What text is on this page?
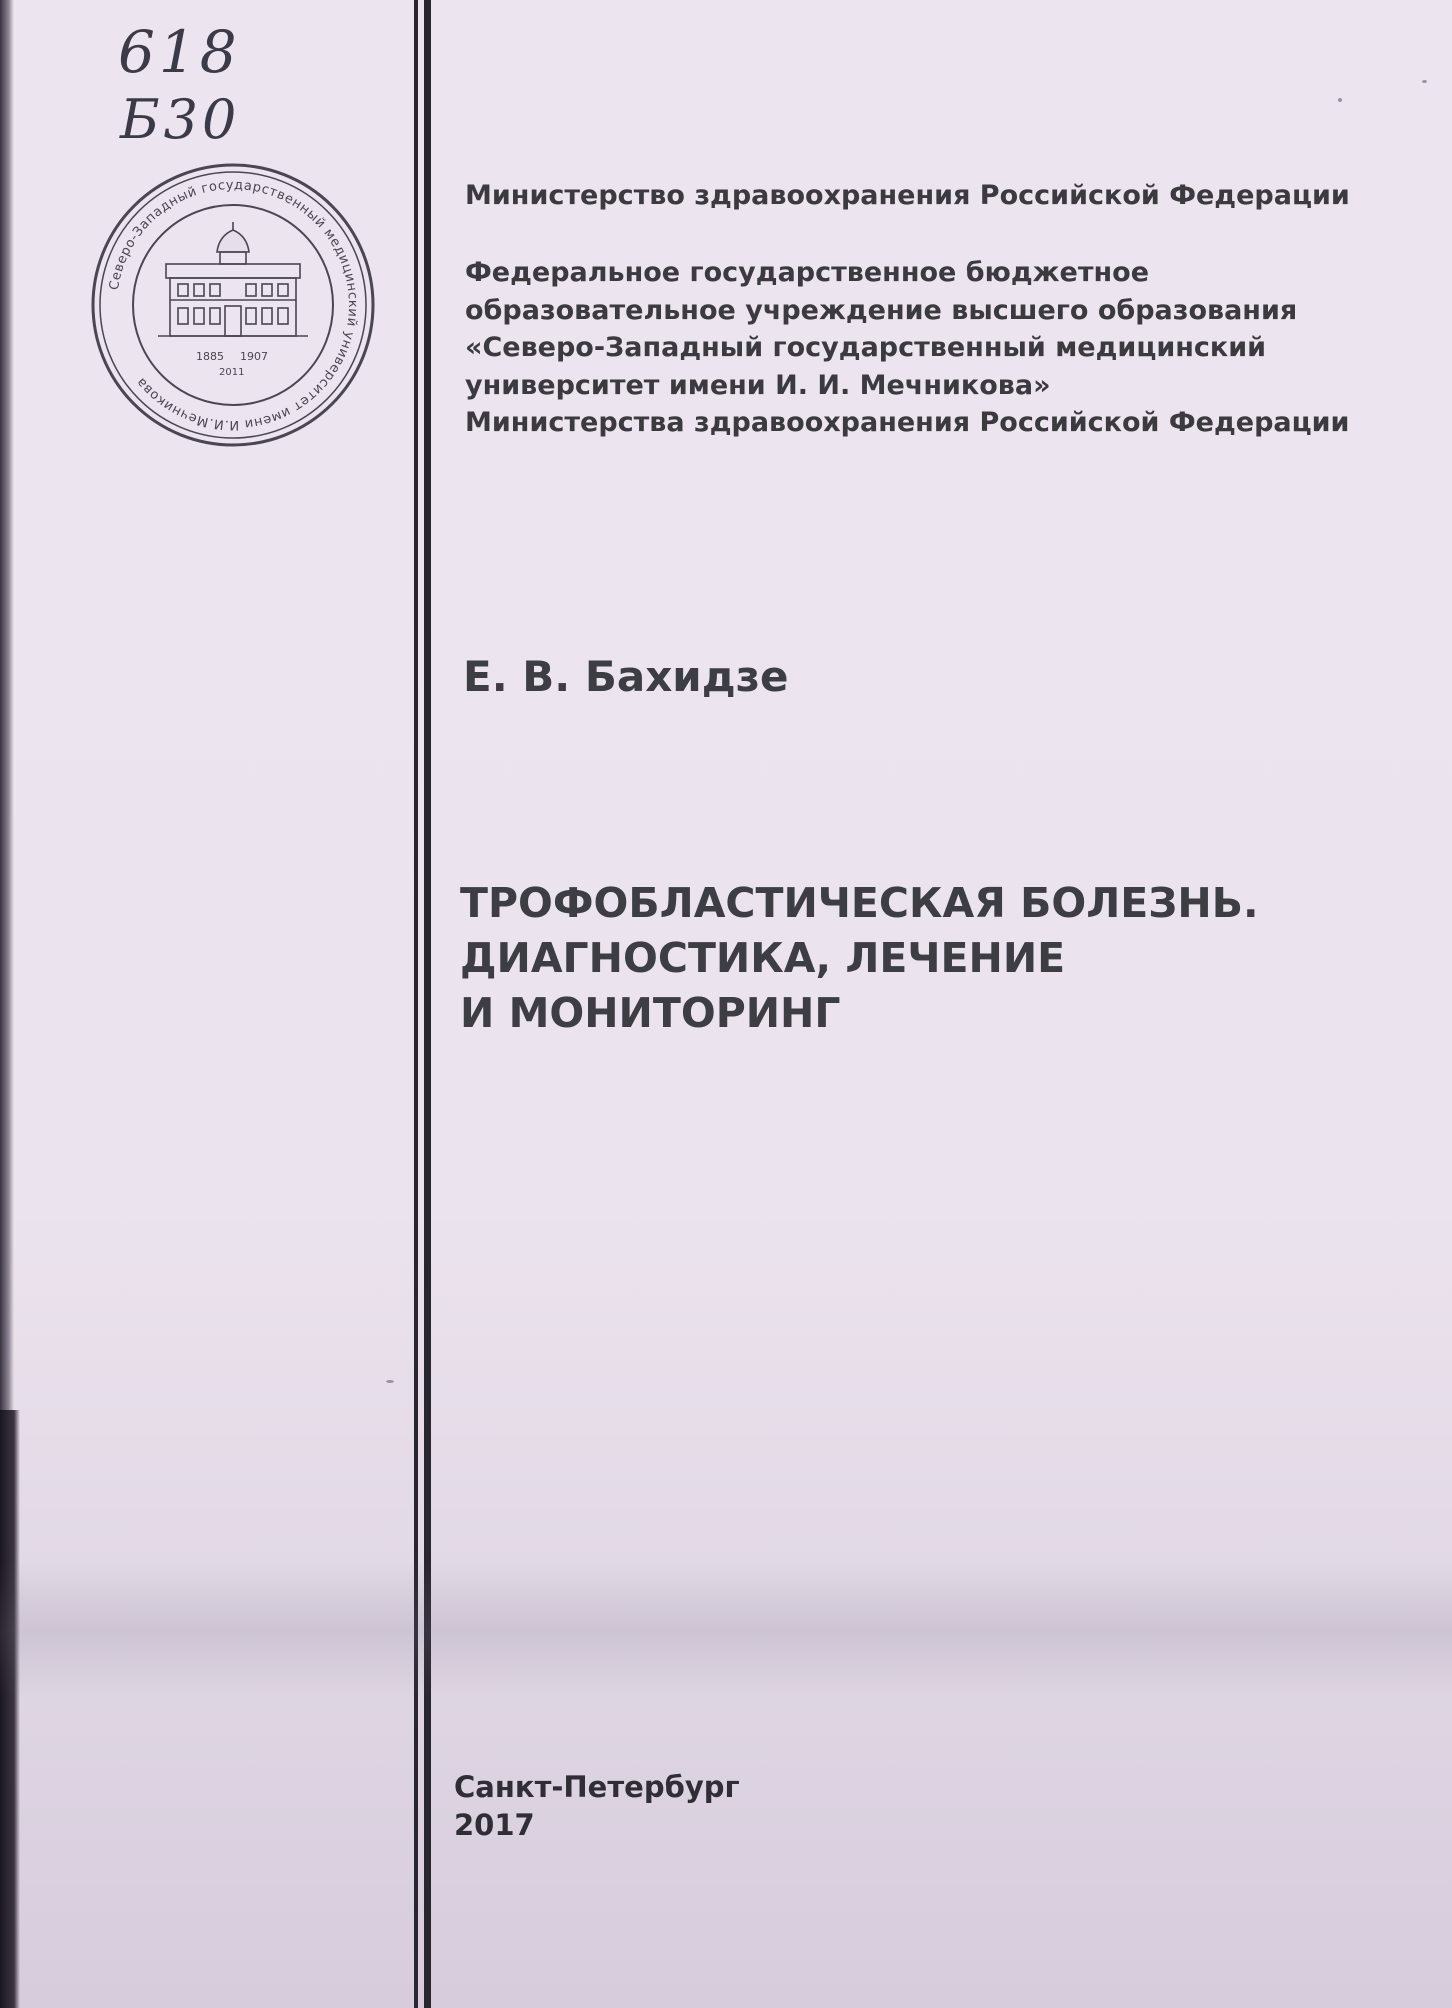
618
Б30
Северо-Западный государственный медицинский университет имени И.И.Мечникова
1885 1907
2011
Министерство здравоохранения Российской Федерации
Федеральное государственное бюджетное
образовательное учреждение высшего образования
«Северо-Западный государственный медицинский
университет имени И. И. Мечникова»
Министерства здравоохранения Российской Федерации
Е. В. Бахидзе
ТРОФОБЛАСТИЧЕСКАЯ БОЛЕЗНЬ.
ДИАГНОСТИКА, ЛЕЧЕНИЕ
И МОНИТОРИНГ
Санкт-Петербург
2017
